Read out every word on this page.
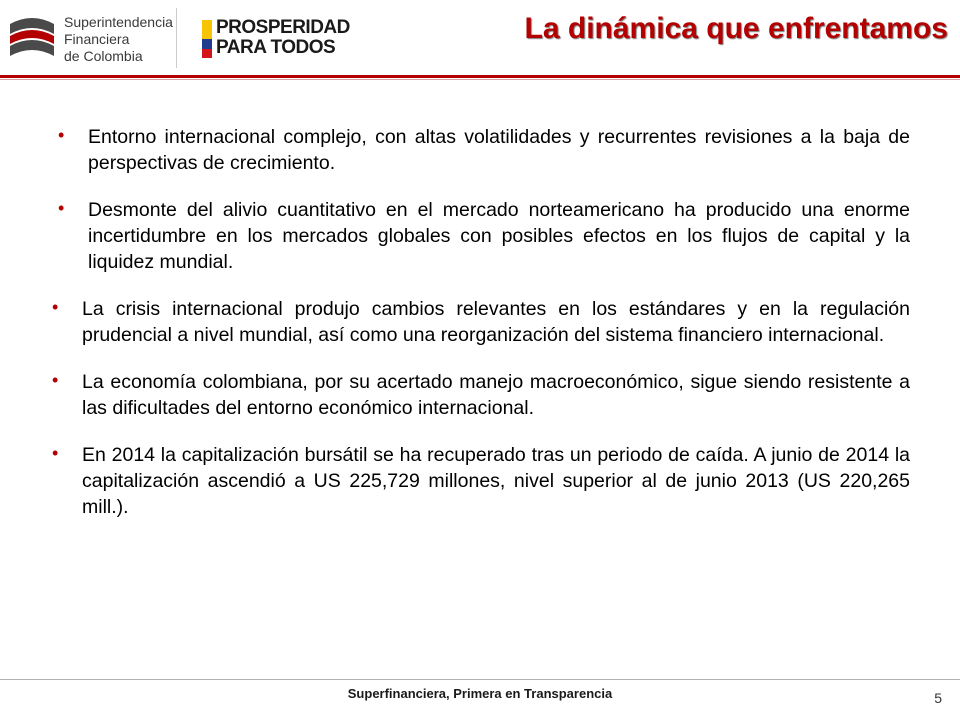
Superintendencia
Financiera
de Colombia
PROSPERIDAD
PARA TODOS
La dinámica que enfrentamos
• Entorno internacional complejo, con altas volatilidades y recurrentes revisiones a la baja de perspectivas de crecimiento.
• Desmonte del alivio cuantitativo en el mercado norteamericano ha producido una enorme incertidumbre en los mercados globales con posibles efectos en los flujos de capital y la liquidez mundial.
• La crisis internacional produjo cambios relevantes en los estándares y en la regulación prudencial a nivel mundial, así como una reorganización del sistema financiero internacional.
• La economía colombiana, por su acertado manejo macroeconómico, sigue siendo resistente a las dificultades del entorno económico internacional.
• En 2014 la capitalización bursátil se ha recuperado tras un periodo de caída. A junio de 2014 la capitalización ascendió a US 225,729 millones, nivel superior al de junio 2013 (US 220,265 mill.).
Superfinanciera, Primera en Transparencia	5
